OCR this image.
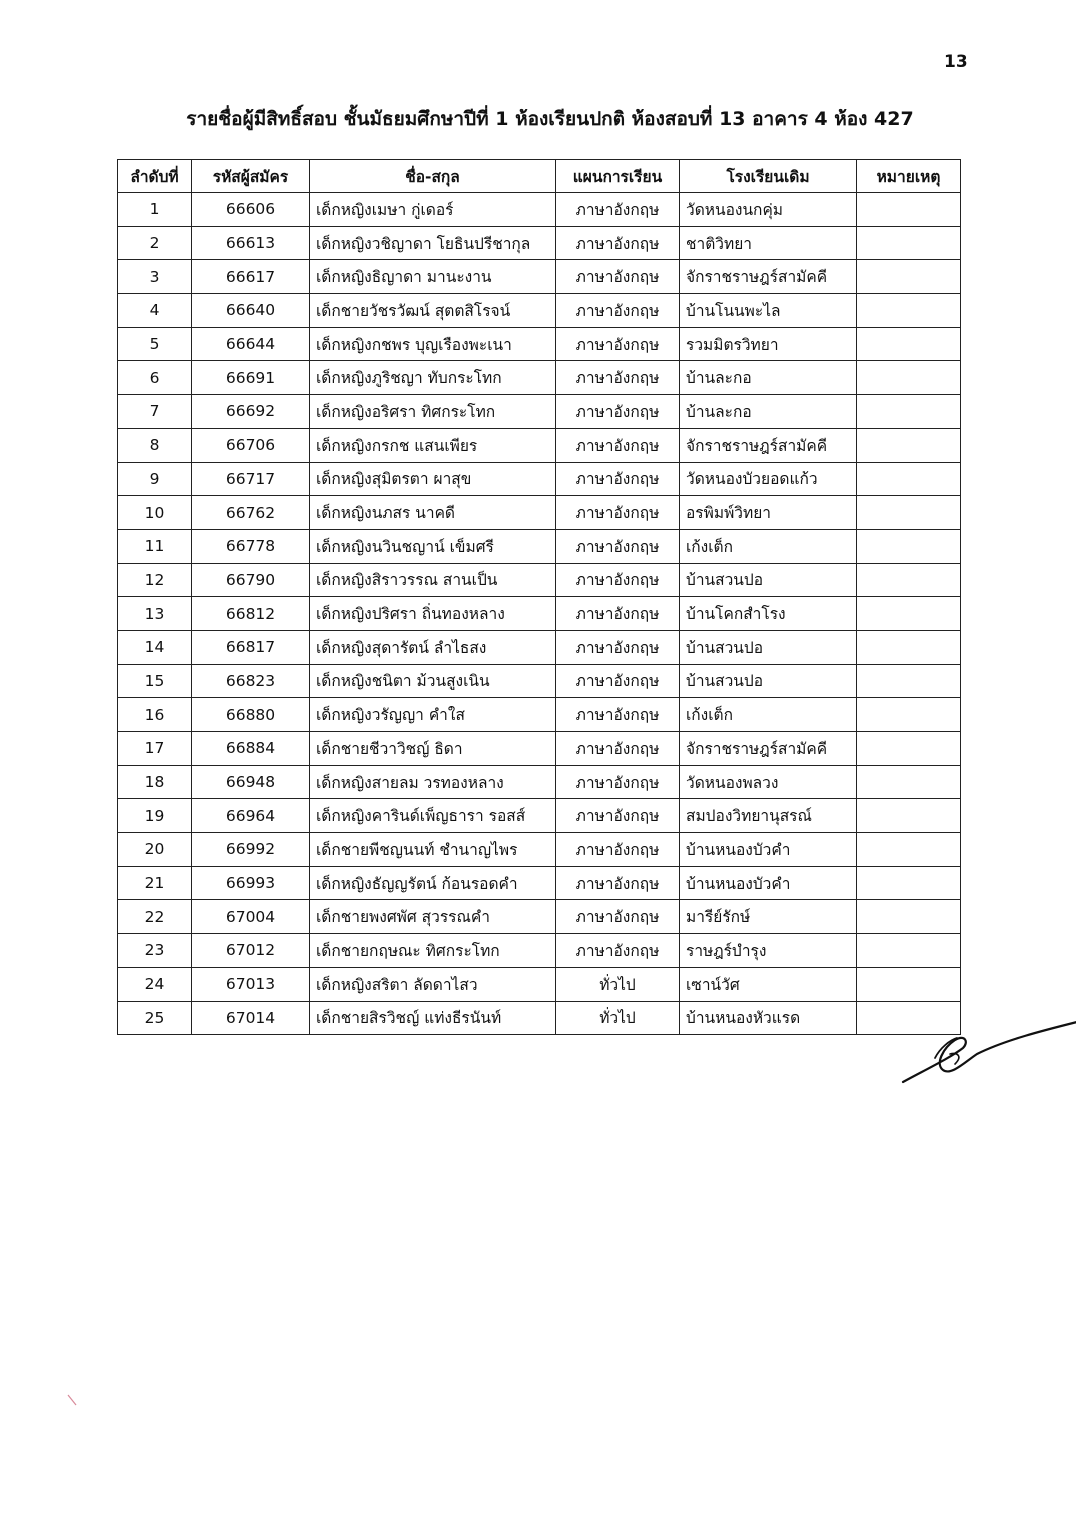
13
รายชื่อผู้มีสิทธิ์สอบ ชั้นมัธยมศึกษาปีที่ 1 ห้องเรียนปกติ ห้องสอบที่ 13 อาคาร 4 ห้อง 427
ลำดับที่	รหัสผู้สมัคร	ชื่อ-สกุล	แผนการเรียน	โรงเรียนเดิม	หมายเหตุ
1	66606	เด็กหญิงเมษา กู่เดอร์	ภาษาอังกฤษ	วัดหนองนกคุ่ม	
2	66613	เด็กหญิงวชิญาดา โยธินปรีชากุล	ภาษาอังกฤษ	ชาติวิทยา	
3	66617	เด็กหญิงธิญาดา มานะงาน	ภาษาอังกฤษ	จักราชราษฎร์สามัคคี	
4	66640	เด็กชายวัชรวัฒน์ สุตตสิโรจน์	ภาษาอังกฤษ	บ้านโนนพะไล	
5	66644	เด็กหญิงกชพร บุญเรืองพะเนา	ภาษาอังกฤษ	รวมมิตรวิทยา	
6	66691	เด็กหญิงภูริชญา ทับกระโทก	ภาษาอังกฤษ	บ้านละกอ	
7	66692	เด็กหญิงอริศรา ทิศกระโทก	ภาษาอังกฤษ	บ้านละกอ	
8	66706	เด็กหญิงกรกช แสนเพียร	ภาษาอังกฤษ	จักราชราษฎร์สามัคคี	
9	66717	เด็กหญิงสุมิตรตา ผาสุข	ภาษาอังกฤษ	วัดหนองบัวยอดแก้ว	
10	66762	เด็กหญิงนภสร นาคดี	ภาษาอังกฤษ	อรพิมพ์วิทยา	
11	66778	เด็กหญิงนวินชญาน์ เข็มศรี	ภาษาอังกฤษ	เก้งเต็ก	
12	66790	เด็กหญิงสิราวรรณ สานเป็น	ภาษาอังกฤษ	บ้านสวนปอ	
13	66812	เด็กหญิงปริศรา ถิ่นทองหลาง	ภาษาอังกฤษ	บ้านโคกสำโรง	
14	66817	เด็กหญิงสุดารัตน์ ลำไธสง	ภาษาอังกฤษ	บ้านสวนปอ	
15	66823	เด็กหญิงชนิตา ม้วนสูงเนิน	ภาษาอังกฤษ	บ้านสวนปอ	
16	66880	เด็กหญิงวรัญญา คำใส	ภาษาอังกฤษ	เก้งเต็ก	
17	66884	เด็กชายชีวาวิชญ์ ธิดา	ภาษาอังกฤษ	จักราชราษฎร์สามัคคี	
18	66948	เด็กหญิงสายลม วรทองหลาง	ภาษาอังกฤษ	วัดหนองพลวง	
19	66964	เด็กหญิงคารินด์เพ็ญธารา รอสส์	ภาษาอังกฤษ	สมปองวิทยานุสรณ์	
20	66992	เด็กชายพีชญนนท์ ชำนาญไพร	ภาษาอังกฤษ	บ้านหนองบัวคำ	
21	66993	เด็กหญิงธัญญรัตน์ ก้อนรอดคำ	ภาษาอังกฤษ	บ้านหนองบัวคำ	
22	67004	เด็กชายพงศพัศ สุวรรณคำ	ภาษาอังกฤษ	มารีย์รักษ์	
23	67012	เด็กชายกฤษณะ ทิศกระโทก	ภาษาอังกฤษ	ราษฎร์บำรุง	
24	67013	เด็กหญิงสริตา ลัดดาไสว	ทั่วไป	เซาน์วัศ	
25	67014	เด็กชายสิรวิชญ์ แท่งธีรนันท์	ทั่วไป	บ้านหนองหัวแรด	
